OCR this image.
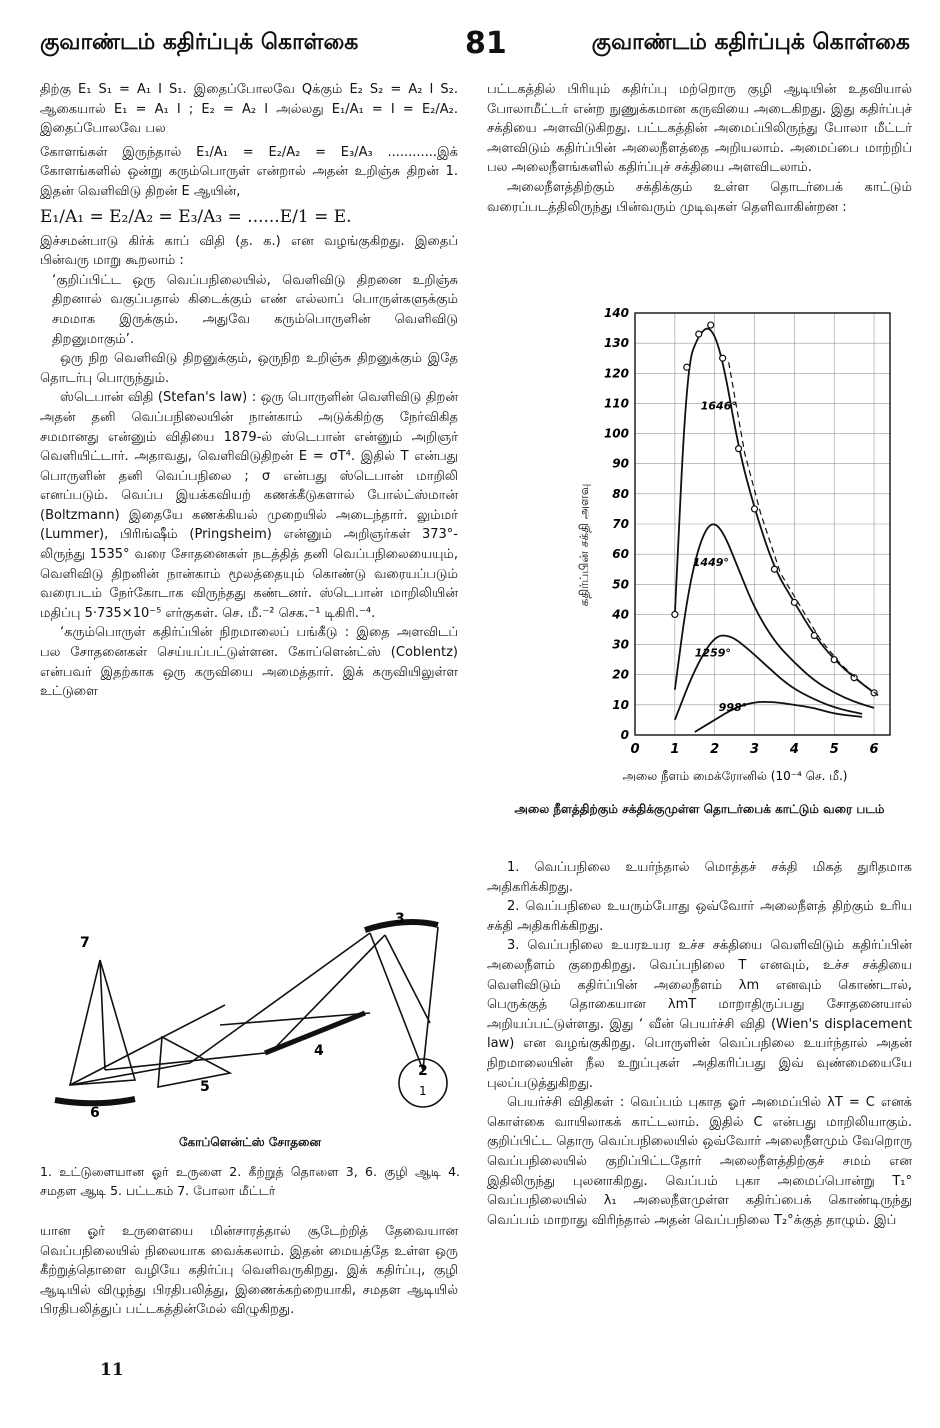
குவாண்டம் கதிர்ப்புக் கொள்கை	81	குவாண்டம் கதிர்ப்புக் கொள்கை

திற்கு E₁ S₁ = A₁ I S₁. இதைப்போலவே Qக்கும் E₂ S₂ = A₂ I S₂. ஆகையால் E₁ = A₁ I ; E₂ = A₂ I அல்லது E₁/A₁ = I = E₂/A₂. இதைப்போலவே பல

கோளங்கள் இருந்தால் E₁/A₁ = E₂/A₂ = E₃/A₃ ............இக் கோளங்களில் ஒன்று கரும்பொருள் என்றால் அதன் உறிஞ்சு திறன் 1. இதன் வெளிவிடு திறன் E ஆயின்,

E₁/A₁ = E₂/A₂ = E₃/A₃ = ......E/1 = E.

இச்சமன்பாடு கிர்க் காப் விதி (த. க.) என வழங்குகிறது. இதைப் பின்வரு மாறு கூறலாம் :

‘குறிப்பிட்ட ஒரு வெப்பநிலையில், வெளிவிடு திறனை உறிஞ்சு திறனால் வகுப்பதால் கிடைக்கும் எண் எல்லாப் பொருள்களுக்கும் சமமாக இருக்கும். அதுவே கரும்பொருளின் வெளிவிடு திறனுமாகும்’.

ஒரு நிற வெளிவிடு திறனுக்கும், ஒருநிற உறிஞ்சு திறனுக்கும் இதே தொடர்பு பொருந்தும்.

ஸ்டெபான் விதி (Stefan's law) : ஒரு பொருளின் வெளிவிடு திறன் அதன் தனி வெப்பநிலையின் நான்காம் அடுக்கிற்கு நேர்விகித சமமானது என்னும் விதியை 1879-ல் ஸ்டெபான் என்னும் அறிஞர் வெளியிட்டார். அதாவது, வெளிவிடுதிறன் E = σT⁴. இதில் T என்பது பொருளின் தனி வெப்பநிலை ; σ என்பது ஸ்டெபான் மாறிலி எனப்படும். வெப்ப இயக்கவியற் கணக்கீடுகளால் போல்ட்ஸ்மான் (Boltzmann) இதையே கணக்கியல் முறையில் அடைந்தார். லும்மர் (Lummer), பிரிங்ஷீம் (Pringsheim) என்னும் அறிஞர்கள் 373°-லிருந்து 1535° வரை சோதனைகள் நடத்தித் தனி வெப்பநிலையையும், வெளிவிடு திறனின் நான்காம் மூலத்தையும் கொண்டு வரையப்படும் வரைபடம் நேர்கோடாக விருந்தது கண்டனர். ஸ்டெபான் மாறிலியின் மதிப்பு 5·735×10⁻⁵ எர்குகள். செ. மீ.⁻² செக.⁻¹ டிகிரி.⁻⁴.

‘கரும்பொருள் கதிர்ப்பின் நிறமாலைப் பங்கீடு : இதை அளவிடப் பல சோதனைகள் செய்யப்பட்டுள்ளன. கோப்ளென்ட்ஸ் (Coblentz) என்பவர் இதற்காக ஒரு கருவியை அமைத்தார். இக் கருவியிலுள்ள உட்டுளை

7
3
4
5
6
2
1
கோப்ளென்ட்ஸ் சோதனை
1. உட்டுளையான ஓர் உருளை 2. கீற்றுத் தொளை 3, 6. குழி ஆடி 4. சமதள ஆடி 5. பட்டகம் 7. போலா மீட்டர்

யான ஓர் உருளையை மின்சாரத்தால் சூடேற்றித் தேவையான வெப்பநிலையில் நிலையாக வைக்கலாம். இதன் மையத்தே உள்ள ஒரு கீற்றுத்தொளை வழியே கதிர்ப்பு வெளிவருகிறது. இக் கதிர்ப்பு, குழி ஆடியில் விழுந்து பிரதிபலித்து, இணைக்கற்றையாகி, சமதள ஆடியில் பிரதிபலித்துப் பட்டகத்தின்மேல் விழுகிறது.

11

பட்டகத்தில் பிரியும் கதிர்ப்பு மற்றொரு குழி ஆடியின் உதவியால் போலாமீட்டர் என்ற நுணுக்கமான கருவியை அடைகிறது. இது கதிர்ப்புச் சக்தியை அளவிடுகிறது. பட்டகத்தின் அமைப்பிலிருந்து போலா மீட்டர் அளவிடும் கதிர்ப்பின் அலைநீளத்தை அறியலாம். அமைப்பை மாற்றிப் பல அலைநீளங்களில் கதிர்ப்புச் சக்தியை அளவிடலாம்.

அலைநீளத்திற்கும் சக்திக்கும் உள்ள தொடர்பைக் காட்டும் வரைப்படத்திலிருந்து பின்வரும் முடிவுகள் தெளிவாகின்றன :

0
10
20
30
40
50
60
70
80
90
100
110
120
130
140
0 1 2 3 4 5 6
1646°
1449°
1259°
998°
கதிர்ப்பின் சக்தி அளவு
அலை நீளம் மைக்ரோனில் (10⁻⁴ செ. மீ.)
அலை நீளத்திற்கும் சக்திக்குமுள்ள தொடர்பைக் காட்டும் வரை படம்

1. வெப்பநிலை உயர்ந்தால் மொத்தச் சக்தி மிகத் துரிதமாக அதிகரிக்கிறது.

2. வெப்பநிலை உயரும்போது ஒவ்வோர் அலைநீளத் திற்கும் உரிய சக்தி அதிகரிக்கிறது.

3. வெப்பநிலை உயரஉயர உச்ச சக்தியை வெளிவிடும் கதிர்ப்பின் அலைநீளம் குறைகிறது. வெப்பநிலை T எனவும், உச்ச சக்தியை வெளிவிடும் கதிர்ப்பின் அலைநீளம் λm எனவும் கொண்டால், பெருக்குத் தொகையான λmT மாறாதிருப்பது சோதனையால் அறியப்பட்டுள்ளது. இது ‘ வீன் பெயர்ச்சி விதி (Wien's displacement law) என வழங்குகிறது. பொருளின் வெப்பநிலை உயர்ந்தால் அதன் நிறமாலையின் நீல உறுப்புகள் அதிகரிப்பது இவ் வுண்மையையே புலப்படுத்துகிறது.

பெயர்ச்சி விதிகள் : வெப்பம் புகாத ஓர் அமைப்பில் λT = C எனக் கொள்கை வாயிலாகக் காட்டலாம். இதில் C என்பது மாறிலியாகும். குறிப்பிட்ட தொரு வெப்பநிலையில் ஒவ்வோர் அலைநீளமும் வேறொரு வெப்பநிலையில் குறிப்பிட்டதோர் அலைநீளத்திற்குச் சமம் என இதிலிருந்து புலனாகிறது. வெப்பம் புகா அமைப்பொன்று T₁° வெப்பநிலையில் λ₁ அலைநீளமுள்ள கதிர்ப்பைக் கொண்டிருந்து வெப்பம் மாறாது விரிந்தால் அதன் வெப்பநிலை T₂°க்குத் தாழும். இப்
